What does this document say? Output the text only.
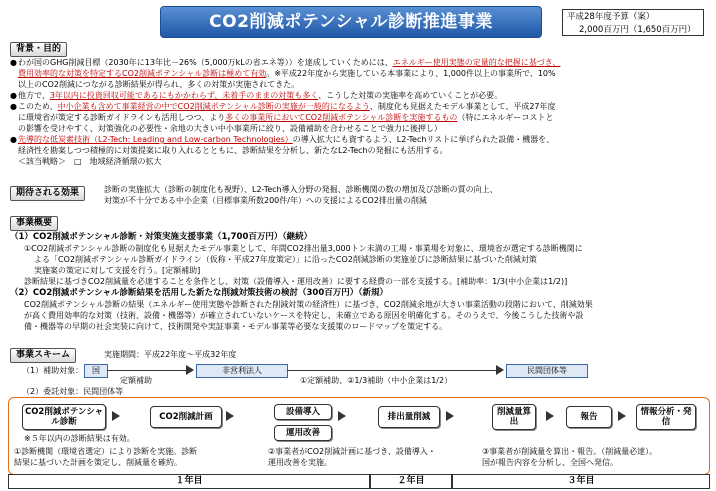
CO2削減ポテンシャル診断推進事業	平成28年度予算（案）
2,000百万円（1,650百万円）
背景・目的
● わが国のGHG削減目標（2030年に13年比－26%（5,000万kLの省エネ等））を達成していくためには、エネルギー使用実態の定量的な把握に基づき、
費用効率的な対策を特定するCO2削減ポテンシャル診断は極めて有効。※平成22年度から実施している本事業により、1,000件以上の事業所で、10%
以上のCO2削減につながる診断結果が得られ、多くの対策が実施されてきた。
● 他方で、3年以内に投資回収可能であるにもかかわらず、未着手のままの対策も多く、こうした対策の実施率を高めていくことが必要。
● このため、中小企業も含めて事業経営の中でCO2削減ポテンシャル診断の実施が一般的になるよう、制度化も見据えたモデル事業として、平成27年度
に環境省が策定する診断ガイドラインも活用しつつ、より多くの事業所においてCO2削減ポテンシャル診断を実施するもの（特にエネルギーコストと
の影響を受けやすく、対策強化の必要性・余地の大きい中小事業所に絞り、設備補助を合わせることで強力に後押し）
● 先導的な低炭素技術（L2-Tech: Leading and Low-carbon Technologies）の導入拡大にも資するよう、L2-Techリストに挙げられた設備・機器を、
経済性を勘案しつつ積極的に対策提案に取り入れるとともに、診断結果を分析し、新たなL2-Techの発掘にも活用する。
＜該当戦略＞　□　地域経済循環の拡大
期待される効果	診断の実施拡大（診断の制度化も視野）、L2-Tech導入分野の発掘、診断機関の数の増加及び診断の質の向上、
対策が不十分である中小企業（目標事業所数200件/年）への支援によるCO2排出量の削減
事業概要
（1）CO2削減ポテンシャル診断・対策実施支援事業（1,700百万円）（継続）
①CO2削減ポテンシャル診断の制度化も見据えたモデル事業として、年間CO2排出量3,000トン未満の工場・事業場を対象に、環境省が選定する診断機関に
よる「CO2削減ポテンシャル診断ガイドライン（仮称・平成27年度策定）」に沿ったCO2削減診断の実施並びに診断結果に基づいた削減対策
実施案の策定に対して支援を行う。[定額補助]
診断結果に基づきCO2削減量を必達することを条件とし、対策（設備導入・運用改善）に要する経費の一部を支援する。[補助率：1/3(中小企業は1/2)]
（2）CO2削減ポテンシャル診断結果を活用した新たな削減対策技術の検討（300百万円）（新規）
CO2削減ポテンシャル診断の結果（エネルギー使用実態や診断された削減対策の経済性）に基づき、CO2削減余地が大きい事業活動の段階において、削減効果
が高く費用効率的な対策（技術、設備・機器等）が確立されていないケースを特定し、未確立である原因を明確化する。そのうえで、今後こうした技術や設
備・機器等の早期の社会実装に向けて、技術開発や実証事業・モデル事業等必要な支援策のロードマップを策定する。
事業スキーム	実施期間：平成22年度～平成32年度
（1）補助対象：	国
定額補助
非営利法人
①定額補助、②1/3補助（中小企業は1/2）
民間団体等
（2）委託対象：民間団体等
CO2削減ポテンシャル診断	CO2削減計画	設備導入
運用改善
排出量削減	削減量算出	報告	情報分析・発信
※５年以内の診断結果は有効。
①診断機関（環境省選定）により診断を実施。診断
結果に基づいた計画を策定し、削減量を確約。
②事業者がCO2削減計画に基づき、設備導入・
運用改善を実施。
③事業者が削減量を算出・報告。（削減量必達）。
国が報告内容を分析し、全国へ発信。
１年目	２年目	３年目
